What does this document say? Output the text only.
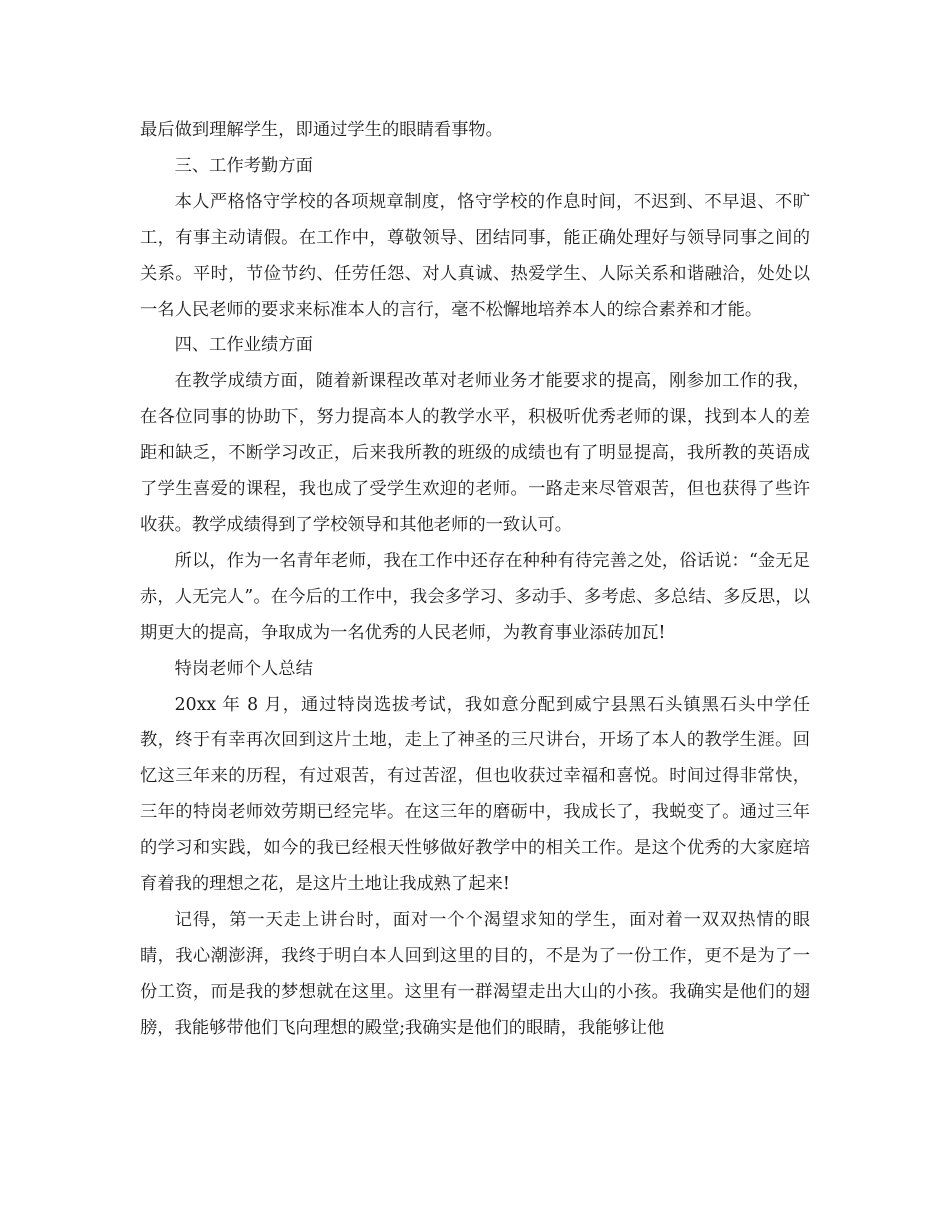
最后做到理解学生，即通过学生的眼睛看事物。

三、工作考勤方面

本人严格恪守学校的各项规章制度，恪守学校的作息时间，不迟到、不早退、不旷工，有事主动请假。在工作中，尊敬领导、团结同事，能正确处理好与领导同事之间的关系。平时，节俭节约、任劳任怨、对人真诚、热爱学生、人际关系和谐融洽，处处以一名人民老师的要求来标准本人的言行，毫不松懈地培养本人的综合素养和才能。

四、工作业绩方面

在教学成绩方面，随着新课程改革对老师业务才能要求的提高，刚参加工作的我，在各位同事的协助下，努力提高本人的教学水平，积极听优秀老师的课，找到本人的差距和缺乏，不断学习改正，后来我所教的班级的成绩也有了明显提高，我所教的英语成了学生喜爱的课程，我也成了受学生欢迎的老师。一路走来尽管艰苦，但也获得了些许收获。教学成绩得到了学校领导和其他老师的一致认可。

所以，作为一名青年老师，我在工作中还存在种种有待完善之处，俗话说：“金无足赤，人无完人”。在今后的工作中，我会多学习、多动手、多考虑、多总结、多反思，以期更大的提高，争取成为一名优秀的人民老师，为教育事业添砖加瓦!

特岗老师个人总结

20xx 年 8 月，通过特岗选拔考试，我如意分配到威宁县黑石头镇黑石头中学任教，终于有幸再次回到这片土地，走上了神圣的三尺讲台，开场了本人的教学生涯。回忆这三年来的历程，有过艰苦，有过苦涩，但也收获过幸福和喜悦。时间过得非常快，三年的特岗老师效劳期已经完毕。在这三年的磨砺中，我成长了，我蜕变了。通过三年的学习和实践，如今的我已经根天性够做好教学中的相关工作。是这个优秀的大家庭培育着我的理想之花，是这片土地让我成熟了起来!

记得，第一天走上讲台时，面对一个个渴望求知的学生，面对着一双双热情的眼睛，我心潮澎湃，我终于明白本人回到这里的目的，不是为了一份工作，更不是为了一份工资，而是我的梦想就在这里。这里有一群渴望走出大山的小孩。我确实是他们的翅膀，我能够带他们飞向理想的殿堂;我确实是他们的眼睛，我能够让他
